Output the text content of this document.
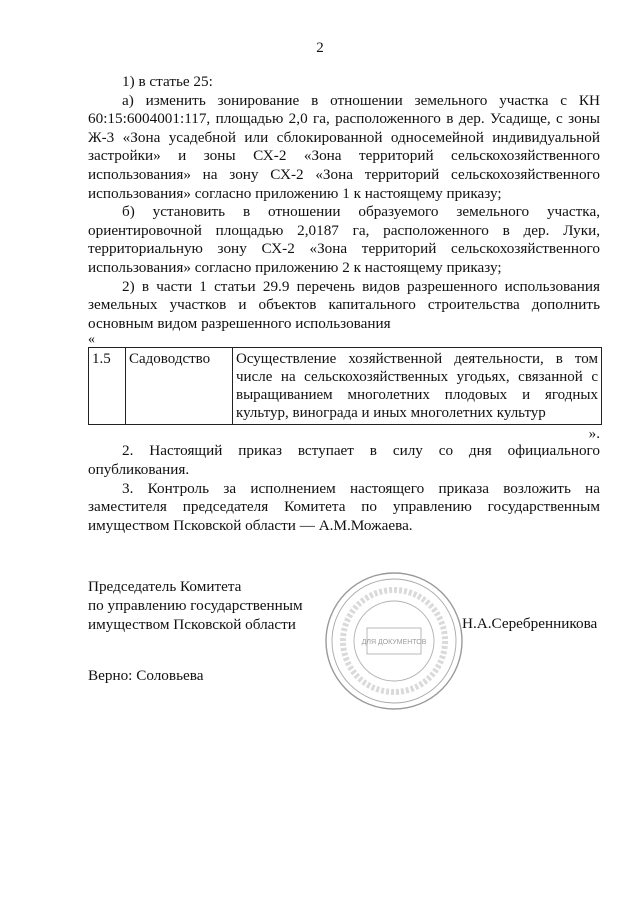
2

1) в статье 25:

а) изменить зонирование в отношении земельного участка с КН 60:15:6004001:117, площадью 2,0 га, расположенного в дер. Усадище, с зоны Ж-3 «Зона усадебной или сблокированной односемейной индивидуальной застройки» и зоны СХ-2 «Зона территорий сельскохозяйственного использования» на зону СХ-2 «Зона территорий сельскохозяйственного использования» согласно приложению 1 к настоящему приказу;

б) установить в отношении образуемого земельного участка, ориентировочной площадью 2,0187 га, расположенного в дер. Луки, территориальную зону СХ-2 «Зона территорий сельскохозяйственного использования» согласно приложению 2 к настоящему приказу;

2) в части 1 статьи 29.9 перечень видов разрешенного использования земельных участков и объектов капитального строительства дополнить основным видом разрешенного использования

«

1.5	Садоводство	Осуществление хозяйственной деятельности, в том числе на сельскохозяйственных угодьях, связанной с выращиванием многолетних плодовых и ягодных культур, винограда и иных многолетних культур

».

2. Настоящий приказ вступает в силу со дня официального опубликования.

3. Контроль за исполнением настоящего приказа возложить на заместителя председателя Комитета по управлению государственным имуществом Псковской области — А.М.Можаева.

Председатель Комитета
по управлению государственным
имуществом Псковской области
ДЛЯ ДОКУМЕНТОВ
Н.А.Серебренникова
Верно: Соловьева
